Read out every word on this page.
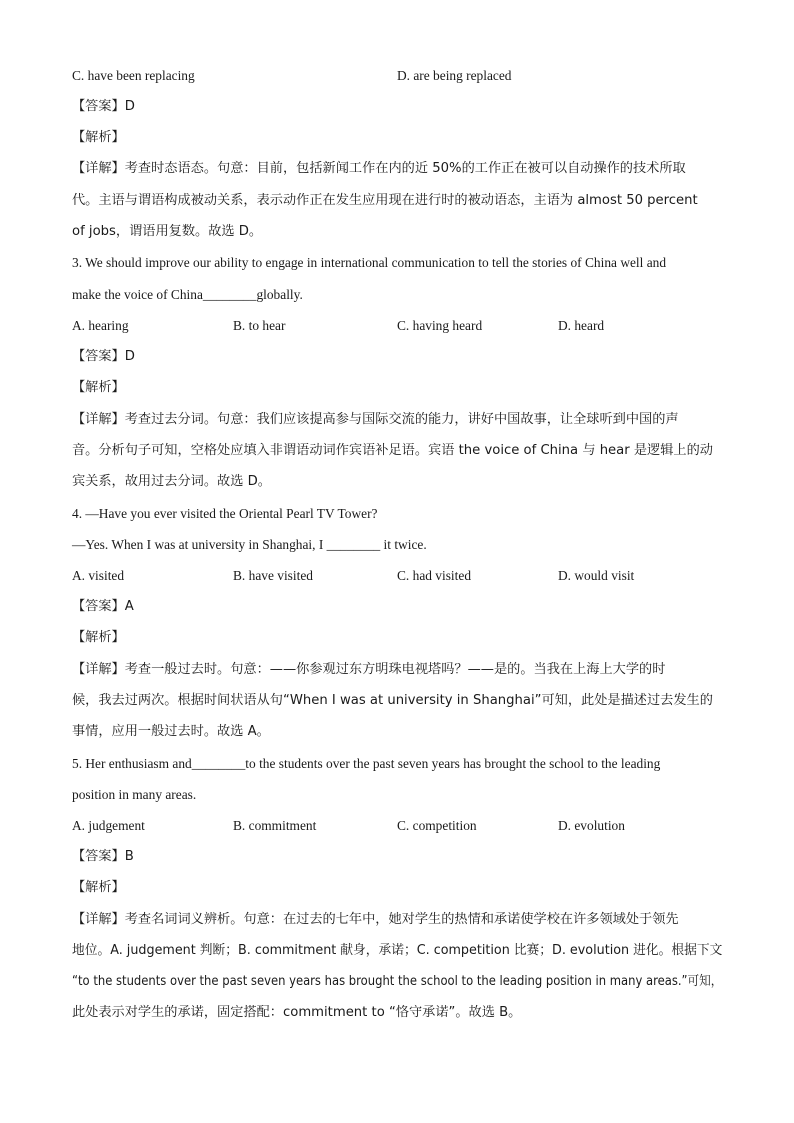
C. have been replacing	D. are being replaced
【答案】D
【解析】
【详解】考查时态语态。句意：目前，包括新闻工作在内的近 50%的工作正在被可以自动操作的技术所取
代。主语与谓语构成被动关系，表示动作正在发生应用现在进行时的被动语态，主语为 almost 50 percent
of jobs，谓语用复数。故选 D。
3. We should improve our ability to engage in international communication to tell the stories of China well and
make the voice of China________globally.
A. hearing	B. to hear	C. having heard	D. heard
【答案】D
【解析】
【详解】考查过去分词。句意：我们应该提高参与国际交流的能力，讲好中国故事，让全球听到中国的声
音。分析句子可知，空格处应填入非谓语动词作宾语补足语。宾语 the voice of China 与 hear 是逻辑上的动
宾关系，故用过去分词。故选 D。
4. —Have you ever visited the Oriental Pearl TV Tower?
—Yes. When I was at university in Shanghai, I ________ it twice.
A. visited	B. have visited	C. had visited	D. would visit
【答案】A
【解析】
【详解】考查一般过去时。句意：——你参观过东方明珠电视塔吗？——是的。当我在上海上大学的时
候，我去过两次。根据时间状语从句“When I was at university in Shanghai”可知，此处是描述过去发生的
事情，应用一般过去时。故选 A。
5. Her enthusiasm and________to the students over the past seven years has brought the school to the leading
position in many areas.
A. judgement	B. commitment	C. competition	D. evolution
【答案】B
【解析】
【详解】考查名词词义辨析。句意：在过去的七年中，她对学生的热情和承诺使学校在许多领域处于领先
地位。A. judgement 判断；B. commitment 献身，承诺；C. competition 比赛；D. evolution 进化。根据下文
“to the students over the past seven years has brought the school to the leading position in many areas.”可知，
此处表示对学生的承诺，固定搭配：commitment to “恪守承诺”。故选 B。
